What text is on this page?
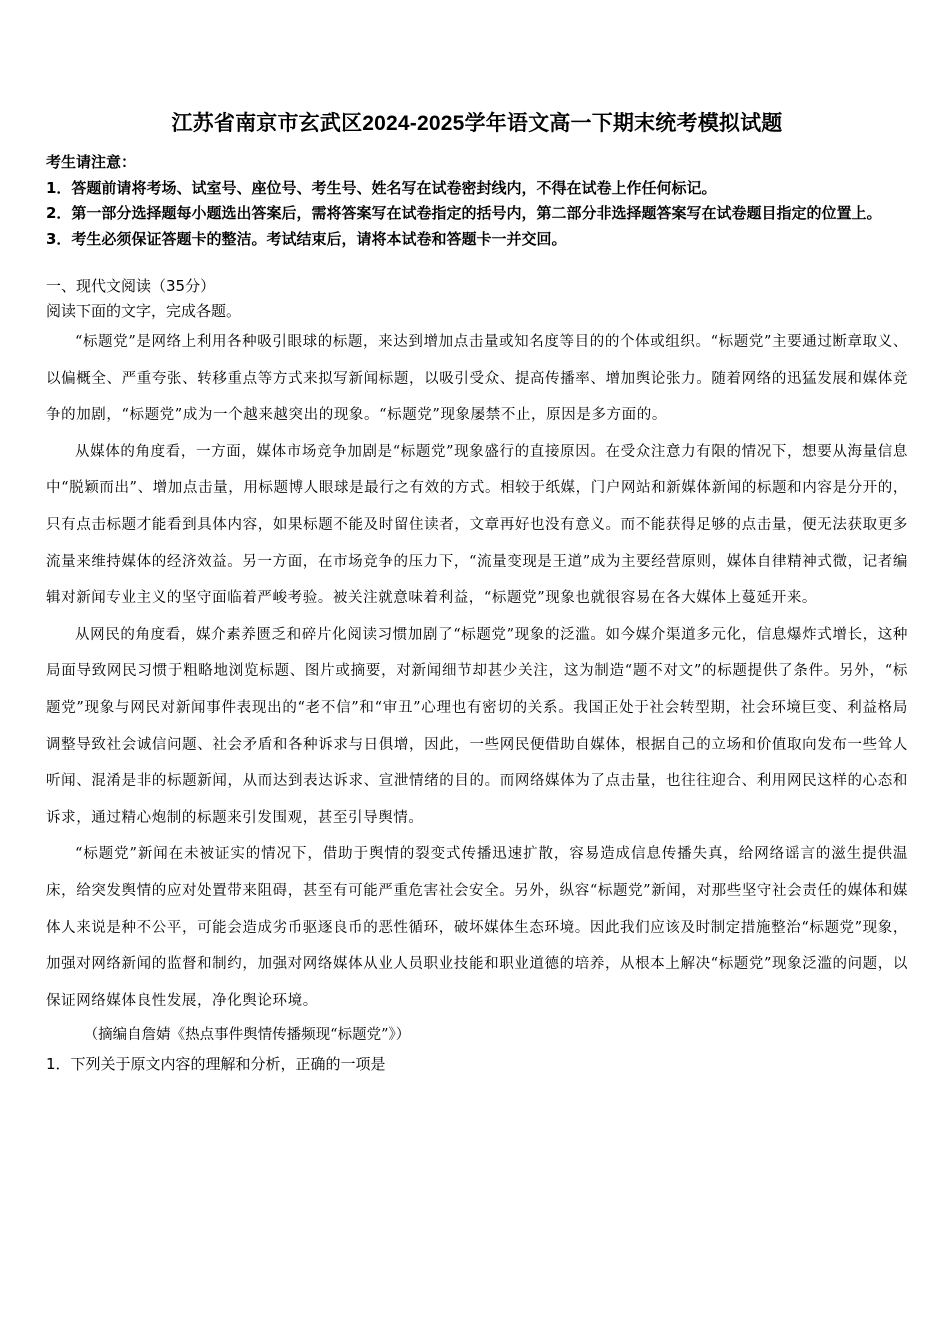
江苏省南京市玄武区2024-2025学年语文高一下期末统考模拟试题
考生请注意：
1．答题前请将考场、试室号、座位号、考生号、姓名写在试卷密封线内，不得在试卷上作任何标记。
2．第一部分选择题每小题选出答案后，需将答案写在试卷指定的括号内，第二部分非选择题答案写在试卷题目指定的位置上。
3．考生必须保证答题卡的整洁。考试结束后，请将本试卷和答题卡一并交回。
一、现代文阅读（35分）
阅读下面的文字，完成各题。

“标题党”是网络上利用各种吸引眼球的标题，来达到增加点击量或知名度等目的的个体或组织。“标题党”主要通过断章取义、以偏概全、严重夸张、转移重点等方式来拟写新闻标题，以吸引受众、提高传播率、增加舆论张力。随着网络的迅猛发展和媒体竞争的加剧，“标题党”成为一个越来越突出的现象。“标题党”现象屡禁不止，原因是多方面的。

从媒体的角度看，一方面，媒体市场竞争加剧是“标题党”现象盛行的直接原因。在受众注意力有限的情况下，想要从海量信息中“脱颖而出”、增加点击量，用标题博人眼球是最行之有效的方式。相较于纸媒，门户网站和新媒体新闻的标题和内容是分开的，只有点击标题才能看到具体内容，如果标题不能及时留住读者，文章再好也没有意义。而不能获得足够的点击量，便无法获取更多流量来维持媒体的经济效益。另一方面，在市场竞争的压力下，“流量变现是王道”成为主要经营原则，媒体自律精神式微，记者编辑对新闻专业主义的坚守面临着严峻考验。被关注就意味着利益，“标题党”现象也就很容易在各大媒体上蔓延开来。

从网民的角度看，媒介素养匮乏和碎片化阅读习惯加剧了“标题党”现象的泛滥。如今媒介渠道多元化，信息爆炸式增长，这种局面导致网民习惯于粗略地浏览标题、图片或摘要，对新闻细节却甚少关注，这为制造“题不对文”的标题提供了条件。另外，“标题党”现象与网民对新闻事件表现出的“老不信”和“审丑”心理也有密切的关系。我国正处于社会转型期，社会环境巨变、利益格局调整导致社会诚信问题、社会矛盾和各种诉求与日俱增，因此，一些网民便借助自媒体，根据自己的立场和价值取向发布一些耸人听闻、混淆是非的标题新闻，从而达到表达诉求、宣泄情绪的目的。而网络媒体为了点击量，也往往迎合、利用网民这样的心态和诉求，通过精心炮制的标题来引发围观，甚至引导舆情。

“标题党”新闻在未被证实的情况下，借助于舆情的裂变式传播迅速扩散，容易造成信息传播失真，给网络谣言的滋生提供温床，给突发舆情的应对处置带来阻碍，甚至有可能严重危害社会安全。另外，纵容“标题党”新闻，对那些坚守社会责任的媒体和媒体人来说是种不公平，可能会造成劣币驱逐良币的恶性循环，破坏媒体生态环境。因此我们应该及时制定措施整治“标题党”现象，加强对网络新闻的监督和制约，加强对网络媒体从业人员职业技能和职业道德的培养，从根本上解决“标题党”现象泛滥的问题，以保证网络媒体良性发展，净化舆论环境。

（摘编自詹婧《热点事件舆情传播频现“标题党”》）
1．下列关于原文内容的理解和分析，正确的一项是
